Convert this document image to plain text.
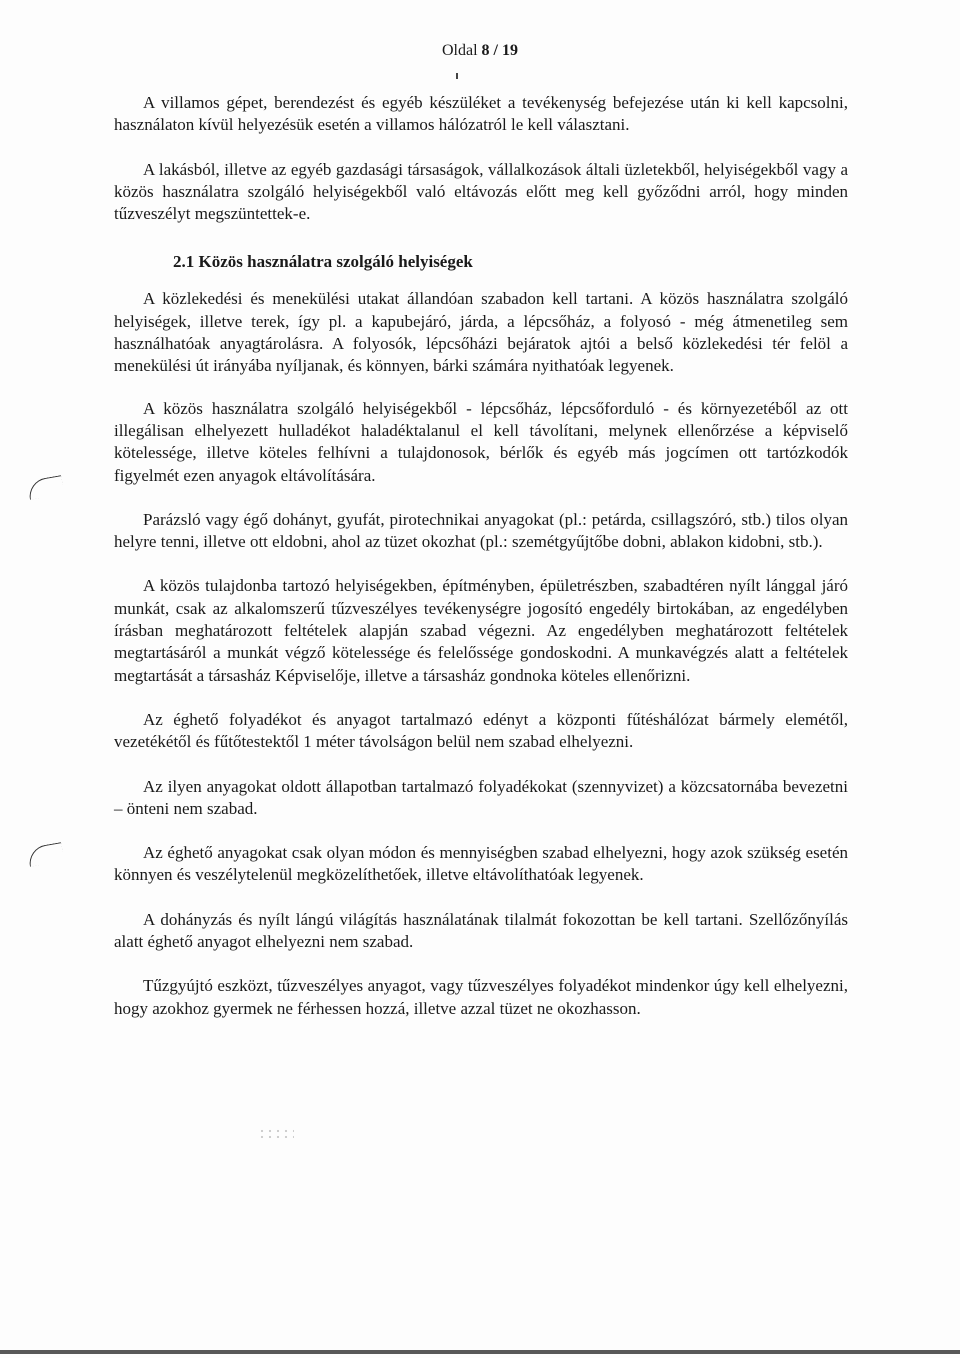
Oldal 8 / 19

A villamos gépet, berendezést és egyéb készüléket a tevékenység befejezése után ki kell kapcsolni, használaton kívül helyezésük esetén a villamos hálózatról le kell választani.

A lakásból, illetve az egyéb gazdasági társaságok, vállalkozások általi üzletekből, helyiségekből vagy a közös használatra szolgáló helyiségekből való eltávozás előtt meg kell győződni arról, hogy minden tűzveszélyt megszüntettek-e.

2.1 Közös használatra szolgáló helyiségek

A közlekedési és menekülési utakat állandóan szabadon kell tartani. A közös használatra szolgáló helyiségek, illetve terek, így pl. a kapubejáró, járda, a lépcsőház, a folyosó - még átmenetileg sem használhatóak anyagtárolásra. A folyosók, lépcsőházi bejáratok ajtói a belső közlekedési tér felöl a menekülési út irányába nyíljanak, és könnyen, bárki számára nyithatóak legyenek.

A közös használatra szolgáló helyiségekből - lépcsőház, lépcsőforduló - és környezetéből az ott illegálisan elhelyezett hulladékot haladéktalanul el kell távolítani, melynek ellenőrzése a képviselő kötelessége, illetve köteles felhívni a tulajdonosok, bérlők és egyéb más jogcímen ott tartózkodók figyelmét ezen anyagok eltávolítására.

Parázsló vagy égő dohányt, gyufát, pirotechnikai anyagokat (pl.: petárda, csillagszóró, stb.) tilos olyan helyre tenni, illetve ott eldobni, ahol az tüzet okozhat (pl.: szemétgyűjtőbe dobni, ablakon kidobni, stb.).

A közös tulajdonba tartozó helyiségekben, építményben, épületrészben, szabadtéren nyílt lánggal járó munkát, csak az alkalomszerű tűzveszélyes tevékenységre jogosító engedély birtokában, az engedélyben írásban meghatározott feltételek alapján szabad végezni. Az engedélyben meghatározott feltételek megtartásáról a munkát végző kötelessége és felelőssége gondoskodni. A munkavégzés alatt a feltételek megtartását a társasház Képviselője, illetve a társasház gondnoka köteles ellenőrizni.

Az éghető folyadékot és anyagot tartalmazó edényt a központi fűtéshálózat bármely elemétől, vezetékétől és fűtőtestektől 1 méter távolságon belül nem szabad elhelyezni.

Az ilyen anyagokat oldott állapotban tartalmazó folyadékokat (szennyvizet) a közcsatornába bevezetni – önteni nem szabad.

Az éghető anyagokat csak olyan módon és mennyiségben szabad elhelyezni, hogy azok szükség esetén könnyen és veszélytelenül megközelíthetőek, illetve eltávolíthatóak legyenek.

A dohányzás és nyílt lángú világítás használatának tilalmát fokozottan be kell tartani. Szellőzőnyílás alatt éghető anyagot elhelyezni nem szabad.

Tűzgyújtó eszközt, tűzveszélyes anyagot, vagy tűzveszélyes folyadékot mindenkor úgy kell elhelyezni, hogy azokhoz gyermek ne férhessen hozzá, illetve azzal tüzet ne okozhasson.
